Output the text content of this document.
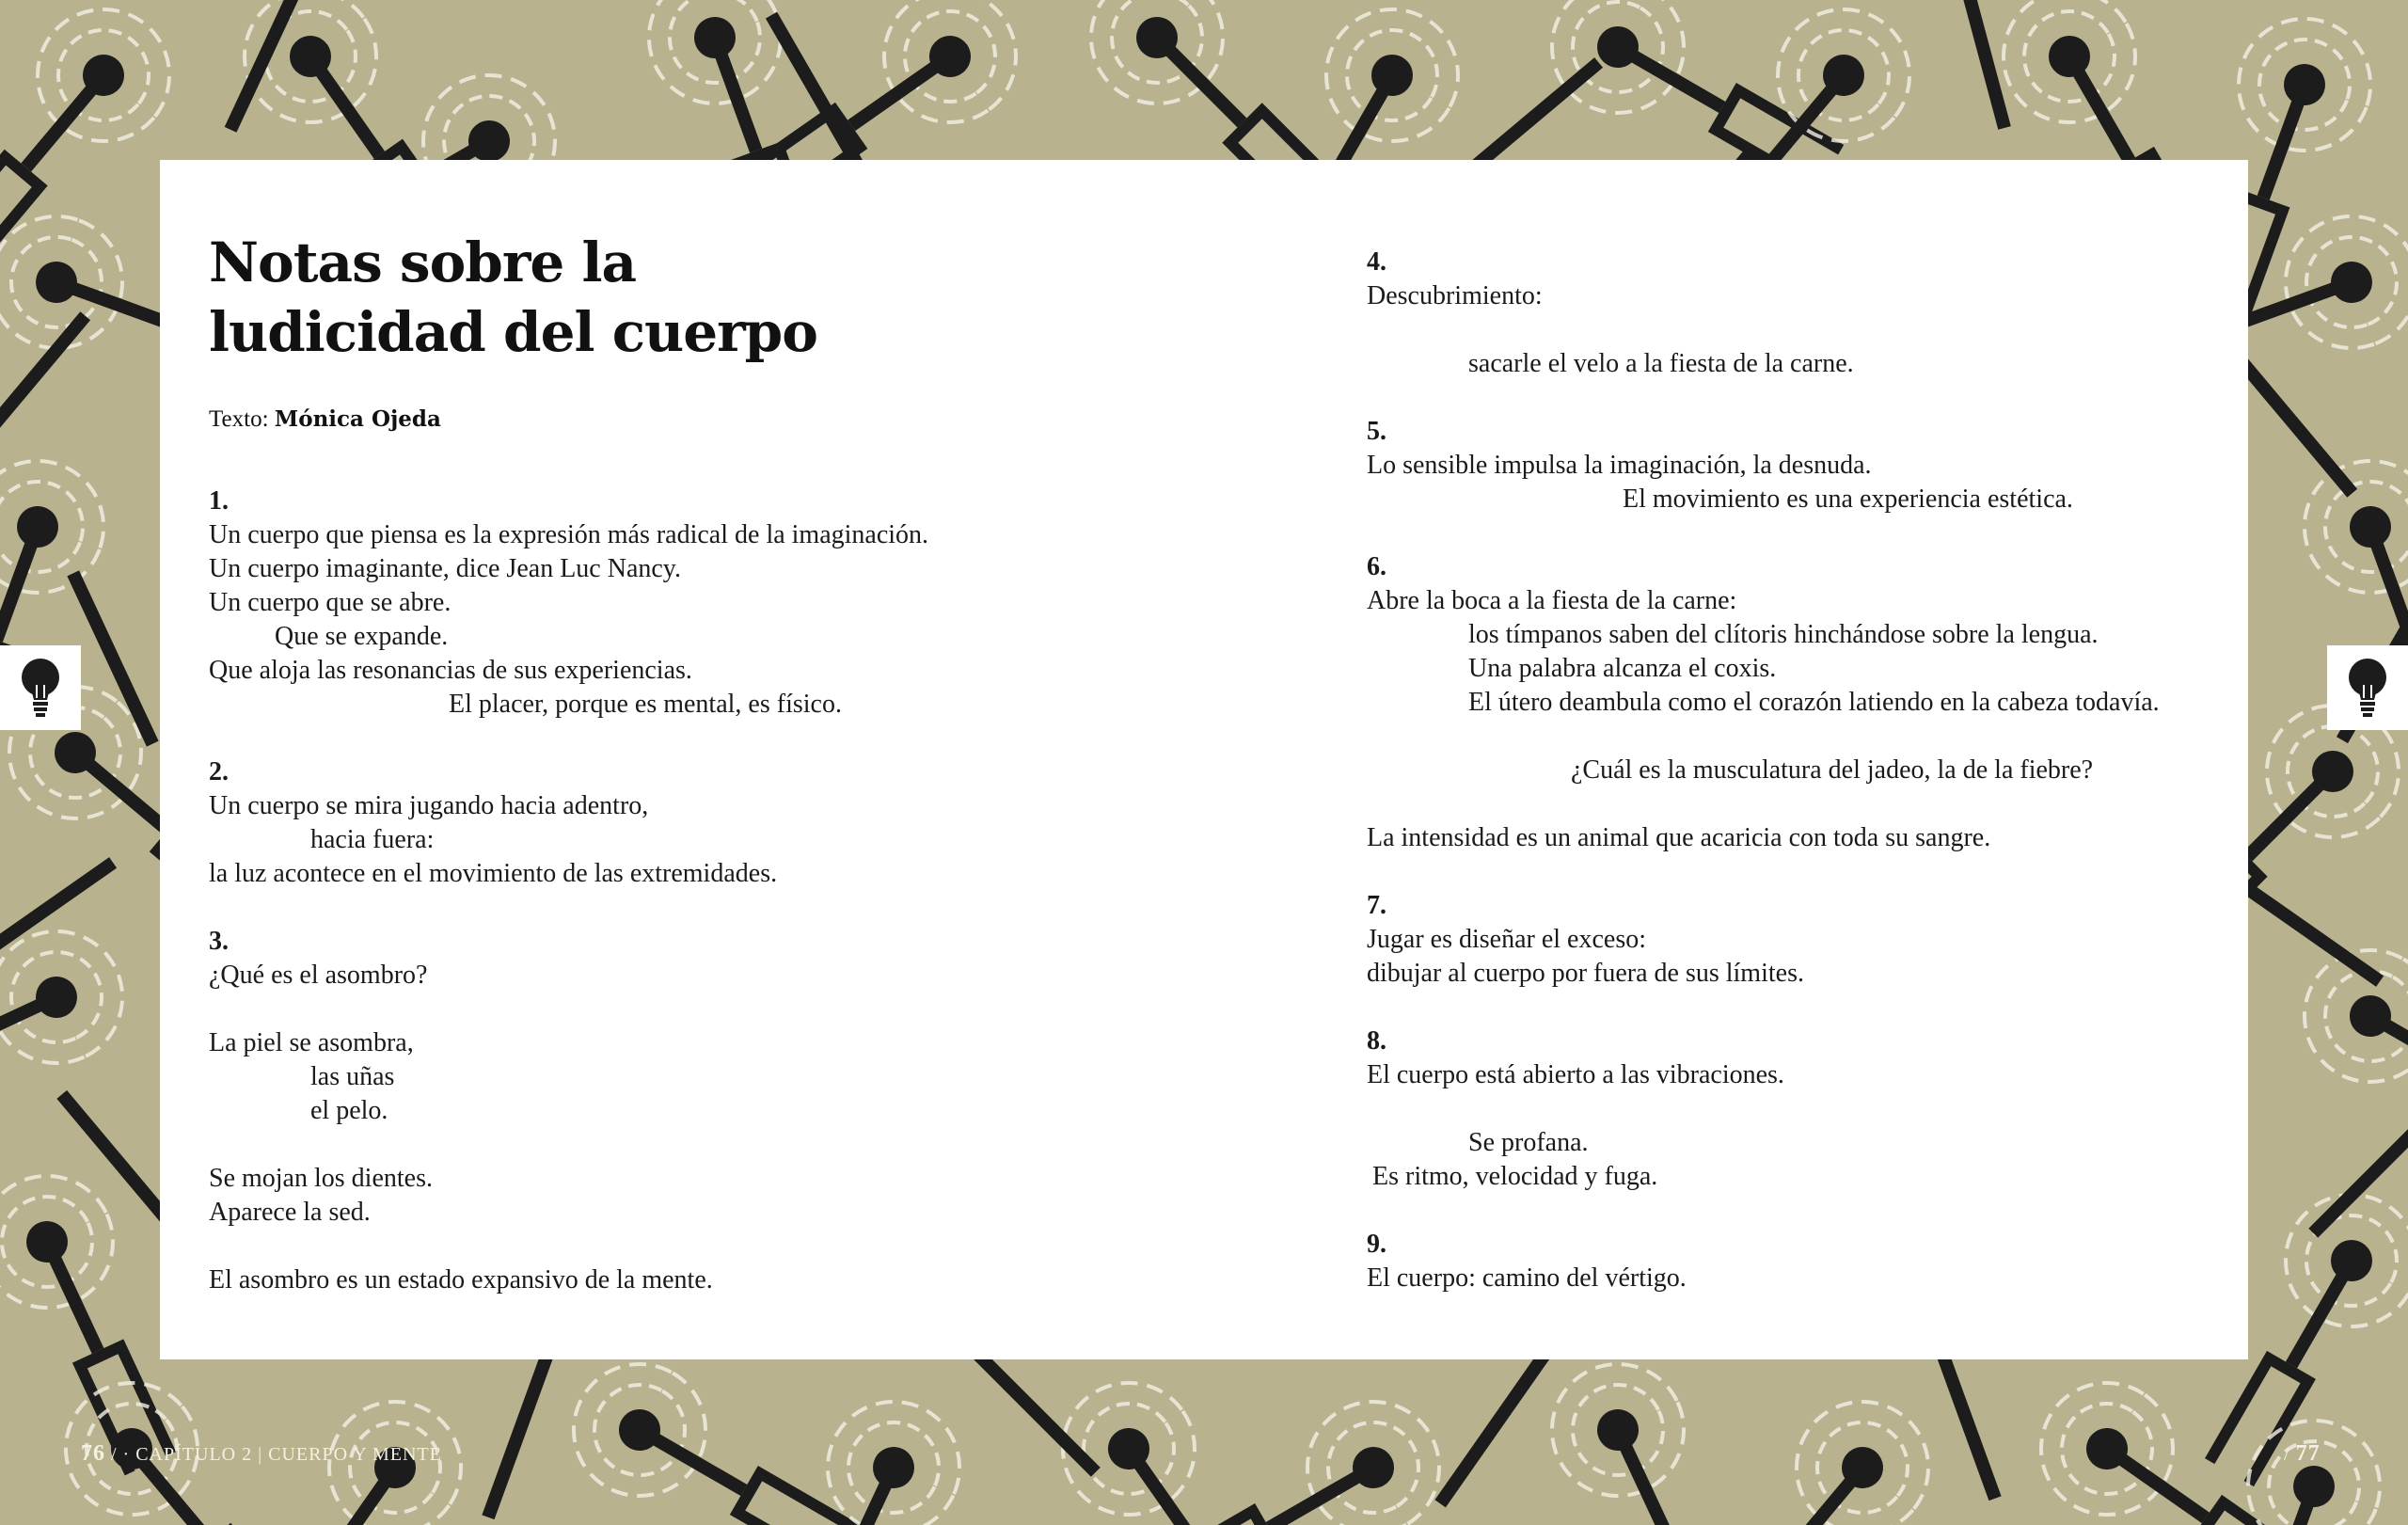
Notas sobre la
ludicidad del cuerpo
Texto: Mónica Ojeda
1.
Un cuerpo que piensa es la expresión más radical de la imaginación.
Un cuerpo imaginante, dice Jean Luc Nancy.
Un cuerpo que se abre.
Que se expande.
Que aloja las resonancias de sus experiencias.
El placer, porque es mental, es físico.
2.
Un cuerpo se mira jugando hacia adentro,
hacia fuera:
la luz acontece en el movimiento de las extremidades.
3.
¿Qué es el asombro?
La piel se asombra,
las uñas
el pelo.
Se mojan los dientes.
Aparece la sed.
El asombro es un estado expansivo de la mente.
4.
Descubrimiento:
sacarle el velo a la fiesta de la carne.
5.
Lo sensible impulsa la imaginación, la desnuda.
El movimiento es una experiencia estética.
6.
Abre la boca a la fiesta de la carne:
los tímpanos saben del clítoris hinchándose sobre la lengua.
Una palabra alcanza el coxis.
El útero deambula como el corazón latiendo en la cabeza todavía.
¿Cuál es la musculatura del jadeo, la de la fiebre?
La intensidad es un animal que acaricia con toda su sangre.
7.
Jugar es diseñar el exceso:
dibujar al cuerpo por fuera de sus límites.
8.
El cuerpo está abierto a las vibraciones.
Se profana.
Es ritmo, velocidad y fuga.
9.
El cuerpo: camino del vértigo.
76 / · CAPÍTULO 2 | CUERPO Y MENTE	/ 77
